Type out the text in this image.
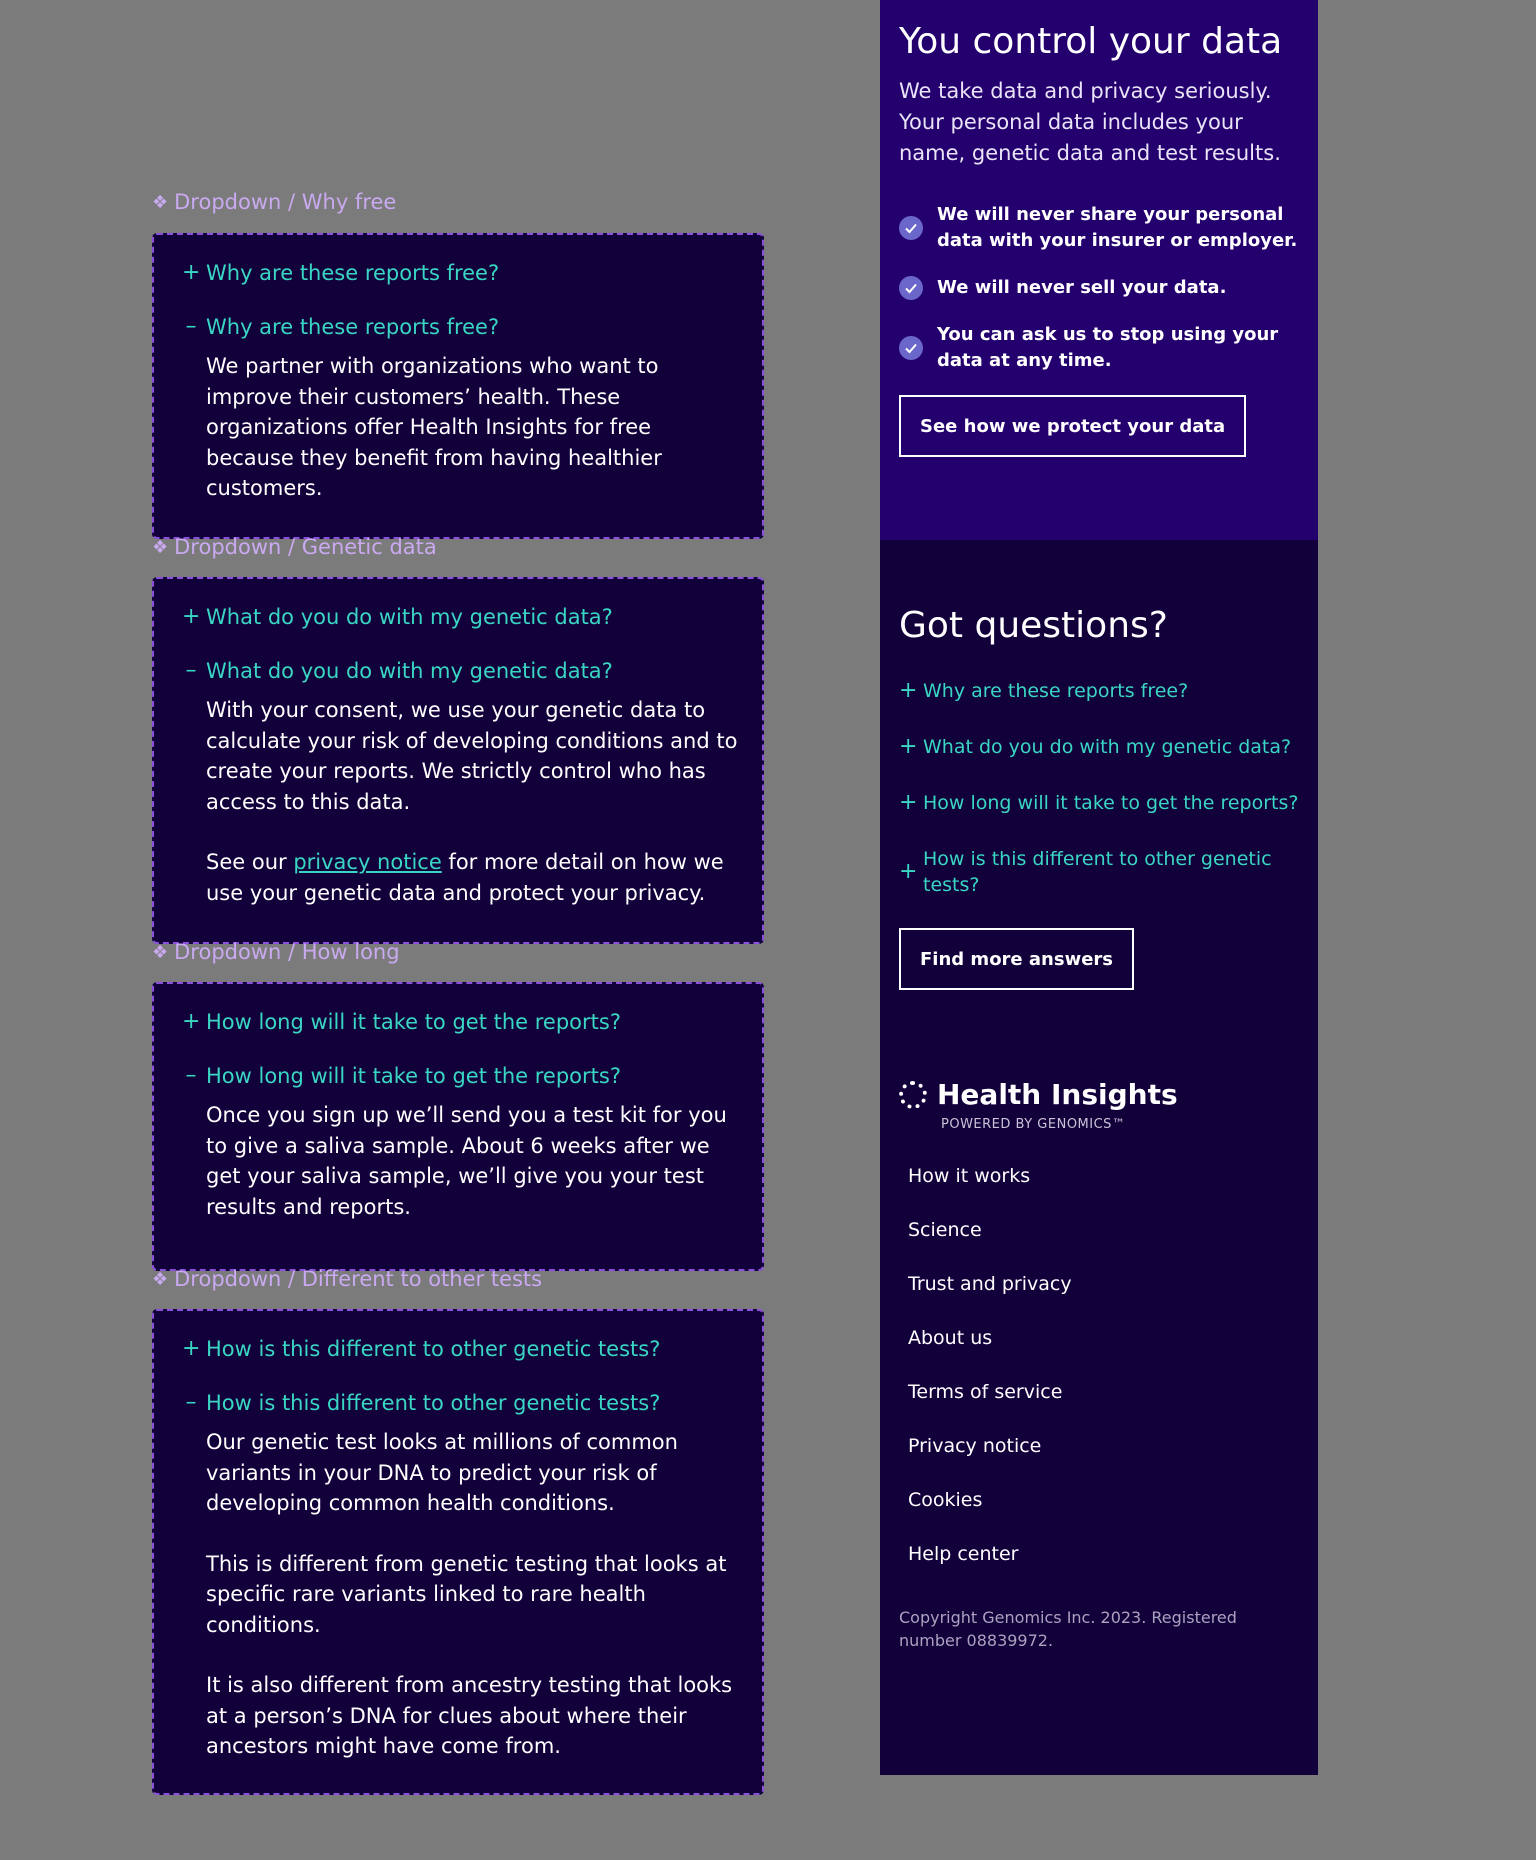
❖ Dropdown / Why free
+ Why are these reports free?
– Why are these reports free?

We partner with organizations who want to improve their customers’ health. These organizations offer Health Insights for free because they benefit from having healthier customers.

❖ Dropdown / Genetic data
+ What do you do with my genetic data?
– What do you do with my genetic data?

With your consent, we use your genetic data to calculate your risk of developing conditions and to create your reports. We strictly control who has access to this data.

See our privacy notice for more detail on how we use your genetic data and protect your privacy.

❖ Dropdown / How long
+ How long will it take to get the reports?
– How long will it take to get the reports?

Once you sign up we’ll send you a test kit for you to give a saliva sample. About 6 weeks after we get your saliva sample, we’ll give you your test results and reports.

❖ Dropdown / Different to other tests
+ How is this different to other genetic tests?
– How is this different to other genetic tests?

Our genetic test looks at millions of common variants in your DNA to predict your risk of developing common health conditions.

This is different from genetic testing that looks at specific rare variants linked to rare health conditions.

It is also different from ancestry testing that looks at a person’s DNA for clues about where their ancestors might have come from.

You control your data
We take data and privacy seriously. Your personal data includes your name, genetic data and test results.
We will never share your personal data with your insurer or employer.
We will never sell your data.
You can ask us to stop using your data at any time.
See how we protect your data
Got questions?
+ Why are these reports free?
+ What do you do with my genetic data?
+ How long will it take to get the reports?
+ How is this different to other genetic tests?
Find more answers
Health Insights
POWERED BY GENOMICS™
How it works
Science
Trust and privacy
About us
Terms of service
Privacy notice
Cookies
Help center
Copyright Genomics Inc. 2023. Registered number 08839972.
